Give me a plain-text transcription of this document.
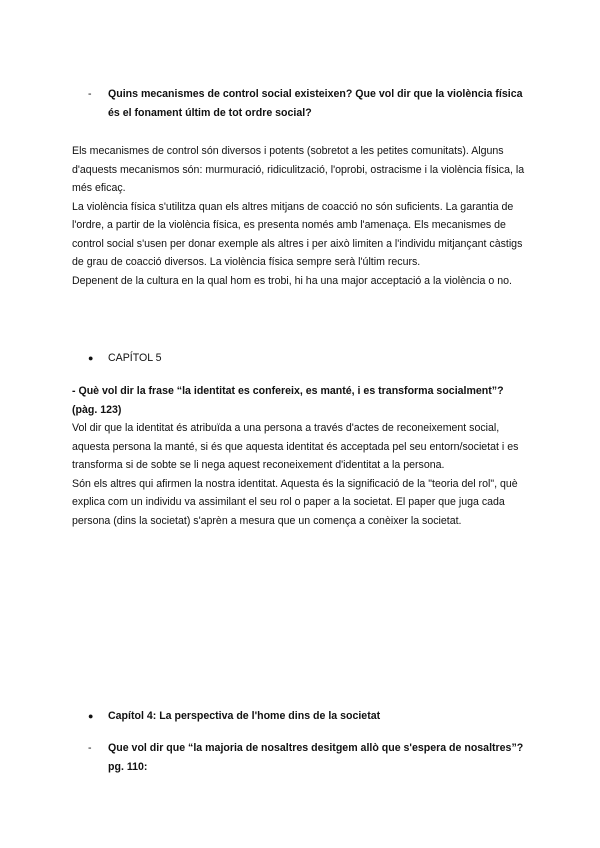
- Quins mecanismes de control social existeixen? Que vol dir que la violència física és el fonament últim de tot ordre social?

Els mecanismes de control són diversos i potents (sobretot a les petites comunitats). Alguns d'aquests mecanismos són: murmuració, ridiculització, l'oprobi, ostracisme i la violència física, la més eficaç.

La violència física s'utilitza quan els altres mitjans de coacció no són suficients. La garantia de l'ordre, a partir de la violència física, es presenta només amb l'amenaça. Els mecanismes de control social s'usen per donar exemple als altres i per això limiten a l'individu mitjançant càstigs de grau de coacció diversos. La violència física sempre serà l'últim recurs.

Depenent de la cultura en la qual hom es trobi, hi ha una major acceptació a la violència o no.

● CAPÍTOL 5
- Què vol dir la frase “la identitat es confereix, es manté, i es transforma socialment”? (pàg. 123)

Vol dir que la identitat és atribuïda a una persona a través d'actes de reconeixement social, aquesta persona la manté, si és que aquesta identitat és acceptada pel seu entorn/societat i es transforma si de sobte se li nega aquest reconeixement d'identitat a la persona.

Són els altres qui afirmen la nostra identitat. Aquesta és la significació de la "teoria del rol", què explica com un individu va assimilant el seu rol o paper a la societat. El paper que juga cada persona (dins la societat) s'aprèn a mesura que un comença a conèixer la societat.

● Capítol 4: La perspectiva de l'home dins de la societat
- Que vol dir que “la majoria de nosaltres desitgem allò que s'espera de nosaltres”? pg. 110:
